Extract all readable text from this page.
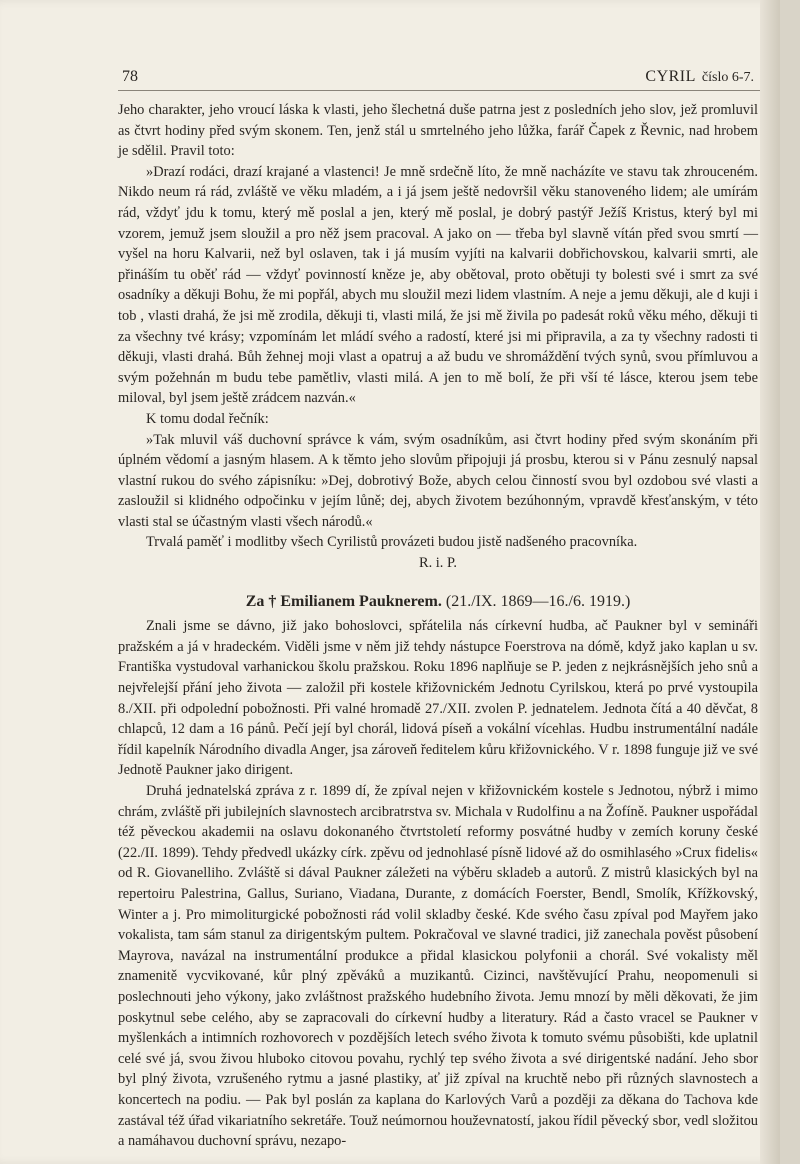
78	CYRIL číslo 6-7.

Jeho charakter, jeho vroucí láska k vlasti, jeho šlechetná duše patrna jest z posledních jeho slov, jež promluvil as čtvrt hodiny před svým skonem. Ten, jenž stál u smrtelného jeho lůžka, farář Čapek z Řevnic, nad hrobem je sdělil. Pravil toto:

»Drazí rodáci, drazí krajané a vlastenci! Je mně srdečně líto, že mně nacházíte ve stavu tak zhrouceném. Nikdo neum rá rád, zvláště ve věku mladém, a i já jsem ještě nedovršil věku stanoveného lidem; ale umírám rád, vždyť jdu k tomu, který mě poslal a jen, který mě poslal, je dobrý pastýř Ježíš Kristus, který byl mi vzorem, jemuž jsem sloužil a pro něž jsem pracoval. A jako on — třeba byl slavně vítán před svou smrtí — vyšel na horu Kalvarii, než byl oslaven, tak i já musím vyjíti na kalvarii dobřichovskou, kalvarii smrti, ale přináším tu oběť rád — vždyť povinností kněze je, aby obětoval, proto obětuji ty bolesti své i smrt za své osadníky a děkuji Bohu, že mi popřál, abych mu sloužil mezi lidem vlastním. A neje a jemu děkuji, ale d kuji i tob , vlasti drahá, že jsi mě zrodila, děkuji ti, vlasti milá, že jsi mě živila po padesát roků věku mého, děkuji ti za všechny tvé krásy; vzpomínám let mládí svého a radostí, které jsi mi připravila, a za ty všechny radosti ti děkuji, vlasti drahá. Bůh žehnej moji vlast a opatruj a až budu ve shromáždění tvých synů, svou přímluvou a svým požehnán m budu tebe pamětliv, vlasti milá. A jen to mě bolí, že při vší té lásce, kterou jsem tebe miloval, byl jsem ještě zrádcem nazván.«

K tomu dodal řečník:

»Tak mluvil váš duchovní správce k vám, svým osadníkům, asi čtvrt hodiny před svým skonáním při úplném vědomí a jasným hlasem. A k těmto jeho slovům připojuji já prosbu, kterou si v Pánu zesnulý napsal vlastní rukou do svého zápisníku: »Dej, dobrotivý Bože, abych celou činností svou byl ozdobou své vlasti a zasloužil si klidného odpočinku v jejím lůně; dej, abych životem bezúhonným, vpravdě křesťanským, v této vlasti stal se účastným vlasti všech národů.«

Trvalá paměť i modlitby všech Cyrilistů provázeti budou jistě nadšeného pracovníka.

R. i. P.

Za † Emilianem Pauknerem. (21./IX. 1869—16./6. 1919.)

Znali jsme se dávno, již jako bohoslovci, spřátelila nás církevní hudba, ač Paukner byl v semináři pražském a já v hradeckém. Viděli jsme v něm již tehdy nástupce Foerstrova na dómě, když jako kaplan u sv. Františka vystudoval varhanickou školu pražskou. Roku 1896 naplňuje se P. jeden z nejkrásnějších jeho snů a nejvřelejší přání jeho života — založil při kostele křižovnickém Jednotu Cyrilskou, která po prvé vystoupila 8./XII. při odpolední pobožnosti. Při valné hromadě 27./XII. zvolen P. jednatelem. Jednota čítá a 40 děvčat, 8 chlapců, 12 dam a 16 pánů. Pečí její byl chorál, lidová píseň a vokální vícehlas. Hudbu instrumentální nadále řídil kapelník Národního divadla Anger, jsa zároveň ředitelem kůru křižovnického. V r. 1898 funguje již ve své Jednotě Paukner jako dirigent.

Druhá jednatelská zpráva z r. 1899 dí, že zpíval nejen v křižovnickém kostele s Jednotou, nýbrž i mimo chrám, zvláště při jubilejních slavnostech arcibratrstva sv. Michala v Rudolfinu a na Žofíně. Paukner uspořádal též pěveckou akademii na oslavu dokonaného čtvrtstoletí reformy posvátné hudby v zemích koruny české (22./II. 1899). Tehdy předvedl ukázky círk. zpěvu od jednohlasé písně lidové až do osmihlasého »Crux fidelis« od R. Giovanelliho. Zvláště si dával Paukner záležeti na výběru skladeb a autorů. Z mistrů klasických byl na repertoiru Palestrina, Gallus, Suriano, Viadana, Durante, z domácích Foerster, Bendl, Smolík, Křížkovský, Winter a j. Pro mimoliturgické pobožnosti rád volil skladby české. Kde svého času zpíval pod Mayřem jako vokalista, tam sám stanul za dirigentským pultem. Pokračoval ve slavné tradici, již zanechala pověst působení Mayrova, navázal na instrumentální produkce a přidal klasickou polyfonii a chorál. Své vokalisty měl znamenitě vycvikované, kůr plný zpěváků a muzikantů. Cizinci, navštěvující Prahu, neopomenuli si poslechnouti jeho výkony, jako zvláštnost pražského hudebního života. Jemu mnozí by měli děkovati, že jim poskytnul sebe celého, aby se zapracovali do církevní hudby a literatury. Rád a často vracel se Paukner v myšlenkách a intimních rozhovorech v pozdějších letech svého života k tomuto svému působišti, kde uplatnil celé své já, svou živou hluboko citovou povahu, rychlý tep svého života a své dirigentské nadání. Jeho sbor byl plný života, vzrušeného rytmu a jasné plastiky, ať již zpíval na kruchtě nebo při různých slavnostech a koncertech na podiu. — Pak byl poslán za kaplana do Karlových Varů a později za děkana do Tachova kde zastával též úřad vikariatního sekretáře. Touž neúmornou houževnatostí, jakou řídil pěvecký sbor, vedl složitou a namáhavou duchovní správu, nezapo-
